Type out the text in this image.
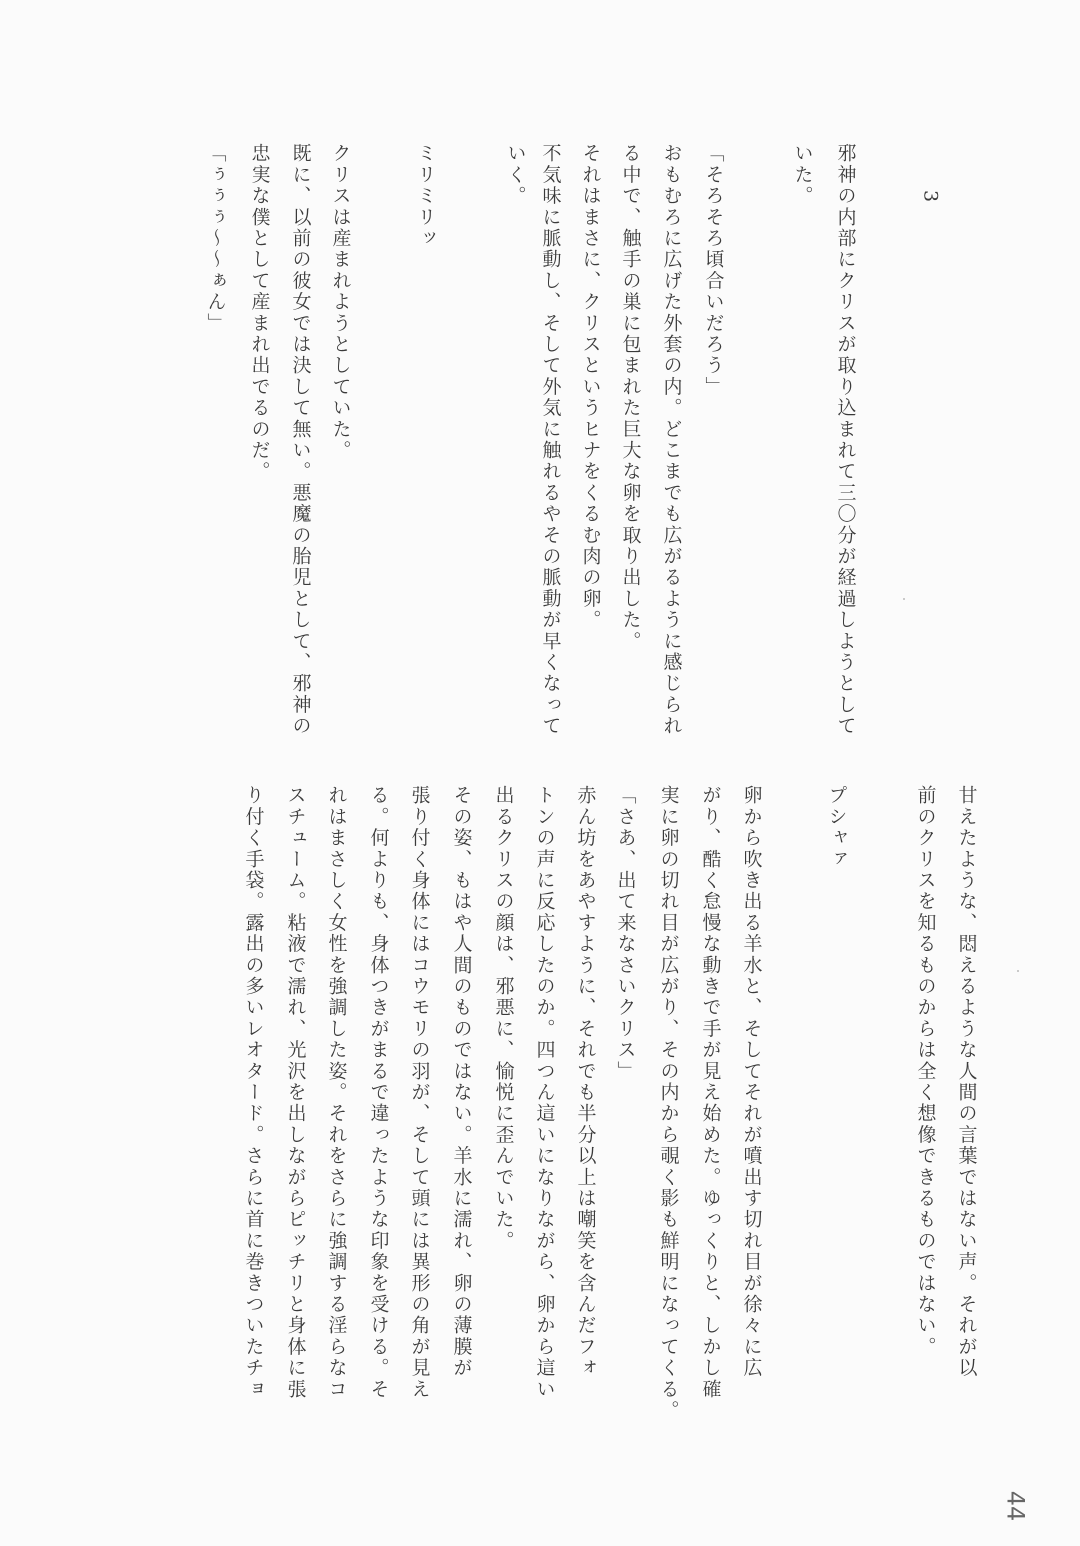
3
邪神の内部にクリスが取り込まれて三〇分が経過しようとして
いた。
「そろそろ頃合いだろう」
おもむろに広げた外套の内。どこまでも広がるように感じられ
る中で、触手の巣に包まれた巨大な卵を取り出した。
それはまさに、クリスというヒナをくるむ肉の卵。
不気味に脈動し、そして外気に触れるやその脈動が早くなって
いく。
ミリミリッ
クリスは産まれようとしていた。
既に、以前の彼女では決して無い。悪魔の胎児として、邪神の
忠実な僕として産まれ出でるのだ。
「ぅぅぅ～～ぁん」
甘えたような、悶えるような人間の言葉ではない声。それが以
前のクリスを知るものからは全く想像できるものではない。
プシャァ
卵から吹き出る羊水と、そしてそれが噴出す切れ目が徐々に広
がり、酷く怠慢な動きで手が見え始めた。ゆっくりと、しかし確
実に卵の切れ目が広がり、その内から覗く影も鮮明になってくる。
「さあ、出て来なさいクリス」
赤ん坊をあやすように、それでも半分以上は嘲笑を含んだフォ
トンの声に反応したのか。四つん這いになりながら、卵から這い
出るクリスの顔は、邪悪に、愉悦に歪んでいた。
その姿、もはや人間のものではない。羊水に濡れ、卵の薄膜が
張り付く身体にはコウモリの羽が、そして頭には異形の角が見え
る。何よりも、身体つきがまるで違ったような印象を受ける。そ
れはまさしく女性を強調した姿。それをさらに強調する淫らなコ
スチューム。粘液で濡れ、光沢を出しながらピッチリと身体に張
り付く手袋。露出の多いレオタード。さらに首に巻きついたチョ
44
